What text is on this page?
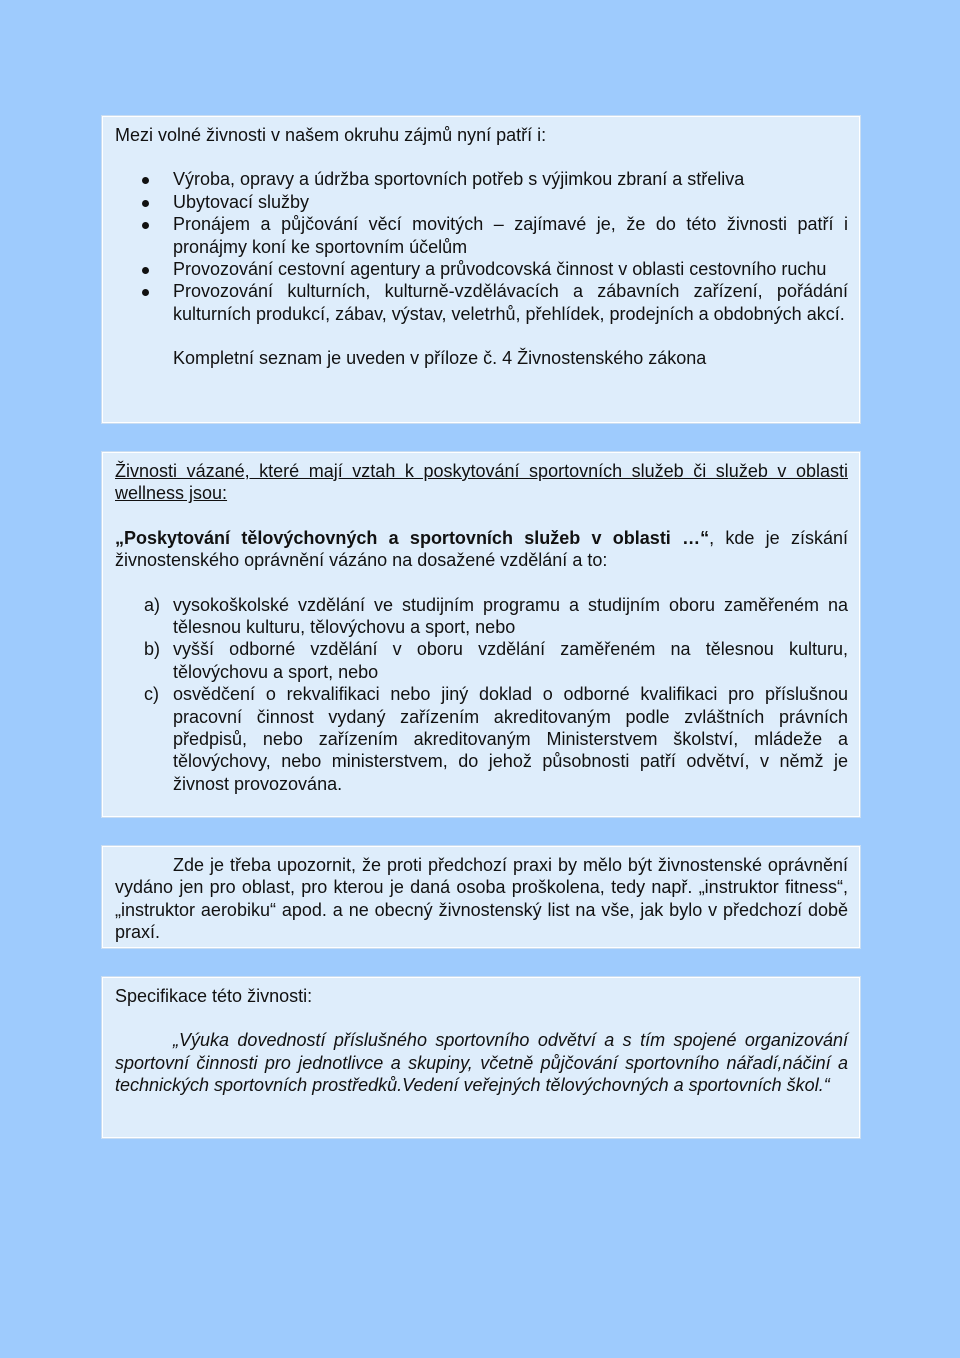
Mezi volné živnosti v našem okruhu zájmů nyní patří i:

Výroba, opravy a údržba sportovních potřeb s výjimkou zbraní a střeliva
Ubytovací služby
Pronájem a půjčování věcí movitých – zajímavé je, že do této živnosti patří i pronájmy koní ke sportovním účelům
Provozování cestovní agentury a průvodcovská činnost v oblasti cestovního ruchu
Provozování kulturních, kulturně-vzdělávacích a zábavních zařízení, pořádání kulturních produkcí, zábav, výstav, veletrhů, přehlídek, prodejních a obdobných akcí.

Kompletní seznam je uveden v příloze č. 4 Živnostenského zákona

Živnosti vázané, které mají vztah k poskytování sportovních služeb či služeb v oblasti wellness jsou:

„Poskytování tělovýchovných a sportovních služeb v oblasti …“, kde je získání živnostenského oprávnění vázáno na dosažené vzdělání a to:

a) vysokoškolské vzdělání ve studijním programu a studijním oboru zaměřeném na tělesnou kulturu, tělovýchovu a sport, nebo
b) vyšší odborné vzdělání v oboru vzdělání zaměřeném na tělesnou kulturu, tělovýchovu a sport, nebo
c) osvědčení o rekvalifikaci nebo jiný doklad o odborné kvalifikaci pro příslušnou pracovní činnost vydaný zařízením akreditovaným podle zvláštních právních předpisů, nebo zařízením akreditovaným Ministerstvem školství, mládeže a tělovýchovy, nebo ministerstvem, do jehož působnosti patří odvětví, v němž je živnost provozována.

Zde je třeba upozornit, že proti předchozí praxi by mělo být živnostenské oprávnění vydáno jen pro oblast, pro kterou je daná osoba proškolena, tedy např. „instruktor fitness“, „instruktor aerobiku“ apod. a ne obecný živnostenský list na vše, jak bylo v předchozí době praxí.

Specifikace této živnosti:

„Výuka dovedností příslušného sportovního odvětví a s tím spojené organizování sportovní činnosti pro jednotlivce a skupiny, včetně půjčování sportovního nářadí,náčiní a technických sportovních prostředků.Vedení veřejných tělovýchovných a sportovních škol.“
